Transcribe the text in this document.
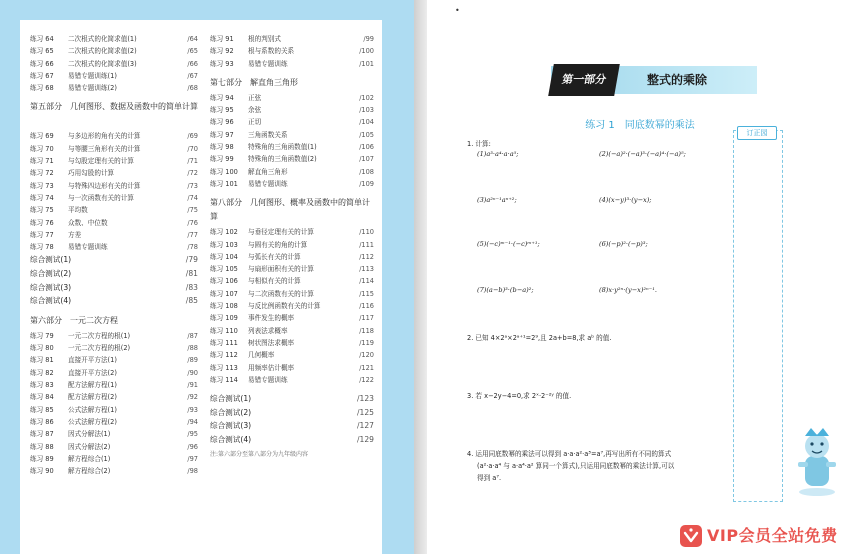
练习 64 二次根式的化简求值(1)	/64
练习 65 二次根式的化简求值(2)	/65
练习 66 二次根式的化简求值(3)	/66
练习 67 易错专题训练(1)	/67
练习 68 易错专题训练(2)	/68
第五部分　几何图形、数据及函数中的简单计算
练习 69 与多边形的角有关的计算	/69
练习 70 与等腰三角形有关的计算	/70
练习 71 与勾股定理有关的计算	/71
练习 72 巧用勾股的计算	/72
练习 73 与特殊四边形有关的计算	/73
练习 74 与一次函数有关的计算	/74
练习 75 平均数	/75
练习 76 众数、中位数	/76
练习 77 方差	/77
练习 78 易错专题训练	/78
综合测试(1)	/79
综合测试(2)	/81
综合测试(3)	/83
综合测试(4)	/85
第六部分　一元二次方程
练习 79 一元二次方程的根(1)	/87
练习 80 一元二次方程的根(2)	/88
练习 81 直接开平方法(1)	/89
练习 82 直接开平方法(2)	/90
练习 83 配方法解方程(1)	/91
练习 84 配方法解方程(2)	/92
练习 85 公式法解方程(1)	/93
练习 86 公式法解方程(2)	/94
练习 87 因式分解法(1)	/95
练习 88 因式分解法(2)	/96
练习 89 解方程综合(1)	/97
练习 90 解方程综合(2)	/98
练习 91 根的判别式	/99
练习 92 根与系数的关系	/100
练习 93 易错专题训练	/101
第七部分　解直角三角形
练习 94 正弦	/102
练习 95 余弦	/103
练习 96 正切	/104
练习 97 三角函数关系	/105
练习 98 特殊角的三角函数值(1)	/106
练习 99 特殊角的三角函数值(2)	/107
练习 100 解直角三角形	/108
练习 101 易错专题训练	/109
第八部分　几何图形、概率及函数中的简单计算
练习 102 与垂径定理有关的计算	/110
练习 103 与圆有关的角的计算	/111
练习 104 与弧长有关的计算	/112
练习 105 与扇形面积有关的计算	/113
练习 106 与相似有关的计算	/114
练习 107 与二次函数有关的计算	/115
练习 108 与反比例函数有关的计算	/116
练习 109 事件发生的概率	/117
练习 110 列表法求概率	/118
练习 111 树状图法求概率	/119
练习 112 几何概率	/120
练习 113 用频率估计概率	/121
练习 114 易错专题训练	/122
综合测试(1)	/123
综合测试(2)	/125
综合测试(3)	/127
综合测试(4)	/129
注:第六部分至第八部分为九年级内容
•
第一部分	整式的乘除
练习 1　同底数幂的乘法
订正园
1. 计算:
(1)a³·a⁴·a·a⁵;	(2)(−a)²·(−a)³·(−a)⁴·(−a)⁵;
(3)a²ⁿ⁻¹aⁿ⁺²;	(4)(x−y)³·(y−x);
(5)(−c)ᵐ⁻¹·(−c)ᵐ⁺¹;	(6)(−p)²·(−p)³;
(7)(a−b)³·(b−a)²;	(8)x·y²ⁿ·(y−x)²ⁿ⁻¹.
2. 已知 4×2ᵃ×2ᵃ⁺¹=2⁹,且 2a+b=8,求 aᵇ 的值.
3. 若 x−2y−4=0,求 2ˣ·2⁻²ʸ 的值.
4. 运用同底数幂的乘法可以得到 a·a·a²·a³=a⁷,再写出所有不同的算式
(a²·a·a⁴ 与 a·a⁴·a² 算同一个算式),只运用同底数幂的乘法计算,可以
得到 a⁷.
VIP会员全站免费
